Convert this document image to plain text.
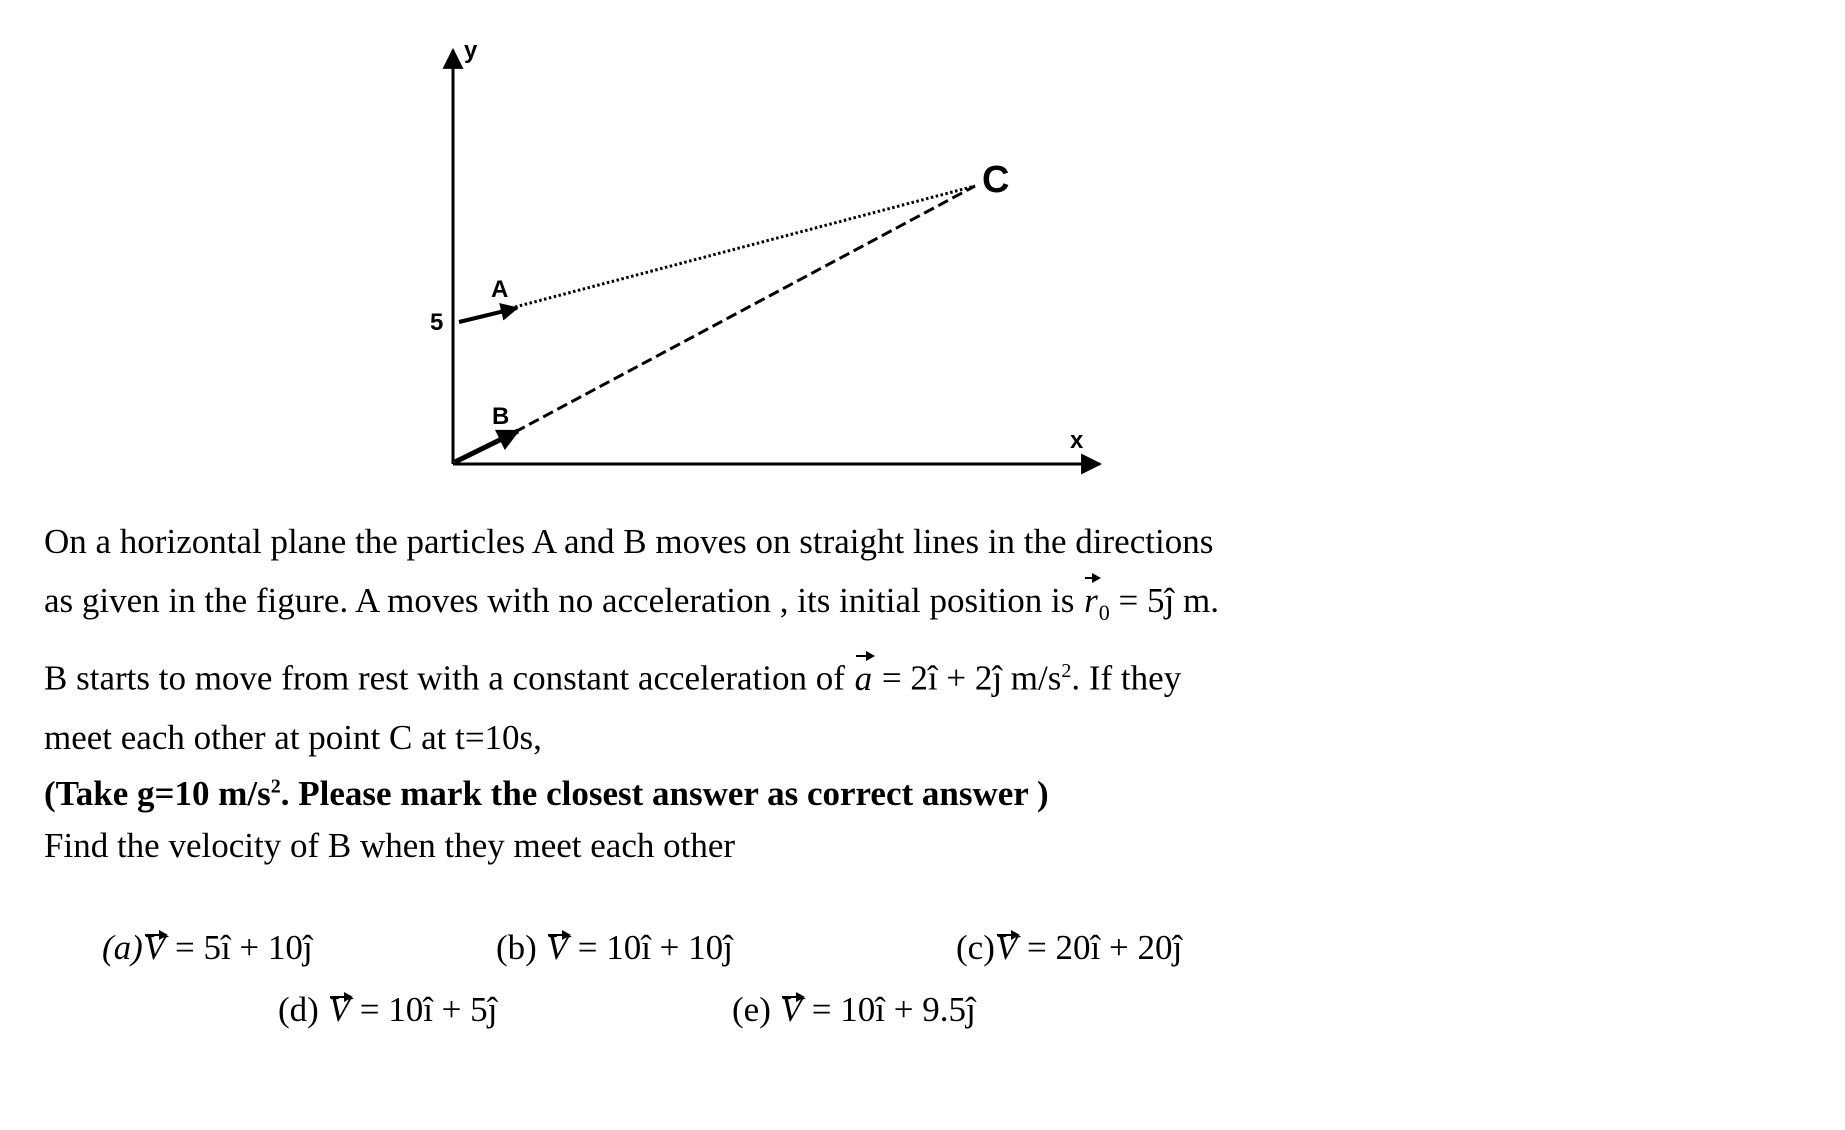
y
x
5
A
B
C

On a horizontal plane the particles A and B moves on straight lines in the directions

as given in the figure. A moves with no acceleration , its initial position is $r_0$ = 5ĵ m.

B starts to move from rest with a constant acceleration of a = 2î + 2ĵ $m/s^2$. If they

meet each other at point C at t=10s,

(Take g=10 $m/s^2$. Please mark the closest answer as correct answer )
Find the velocity of B when they meet each other
(a)V = 5î + 10ĵ	(b) V = 10î + 10ĵ	(c)V = 20î + 20ĵ
(d) V = 10î + 5ĵ	(e) V = 10î + 9.5ĵ
